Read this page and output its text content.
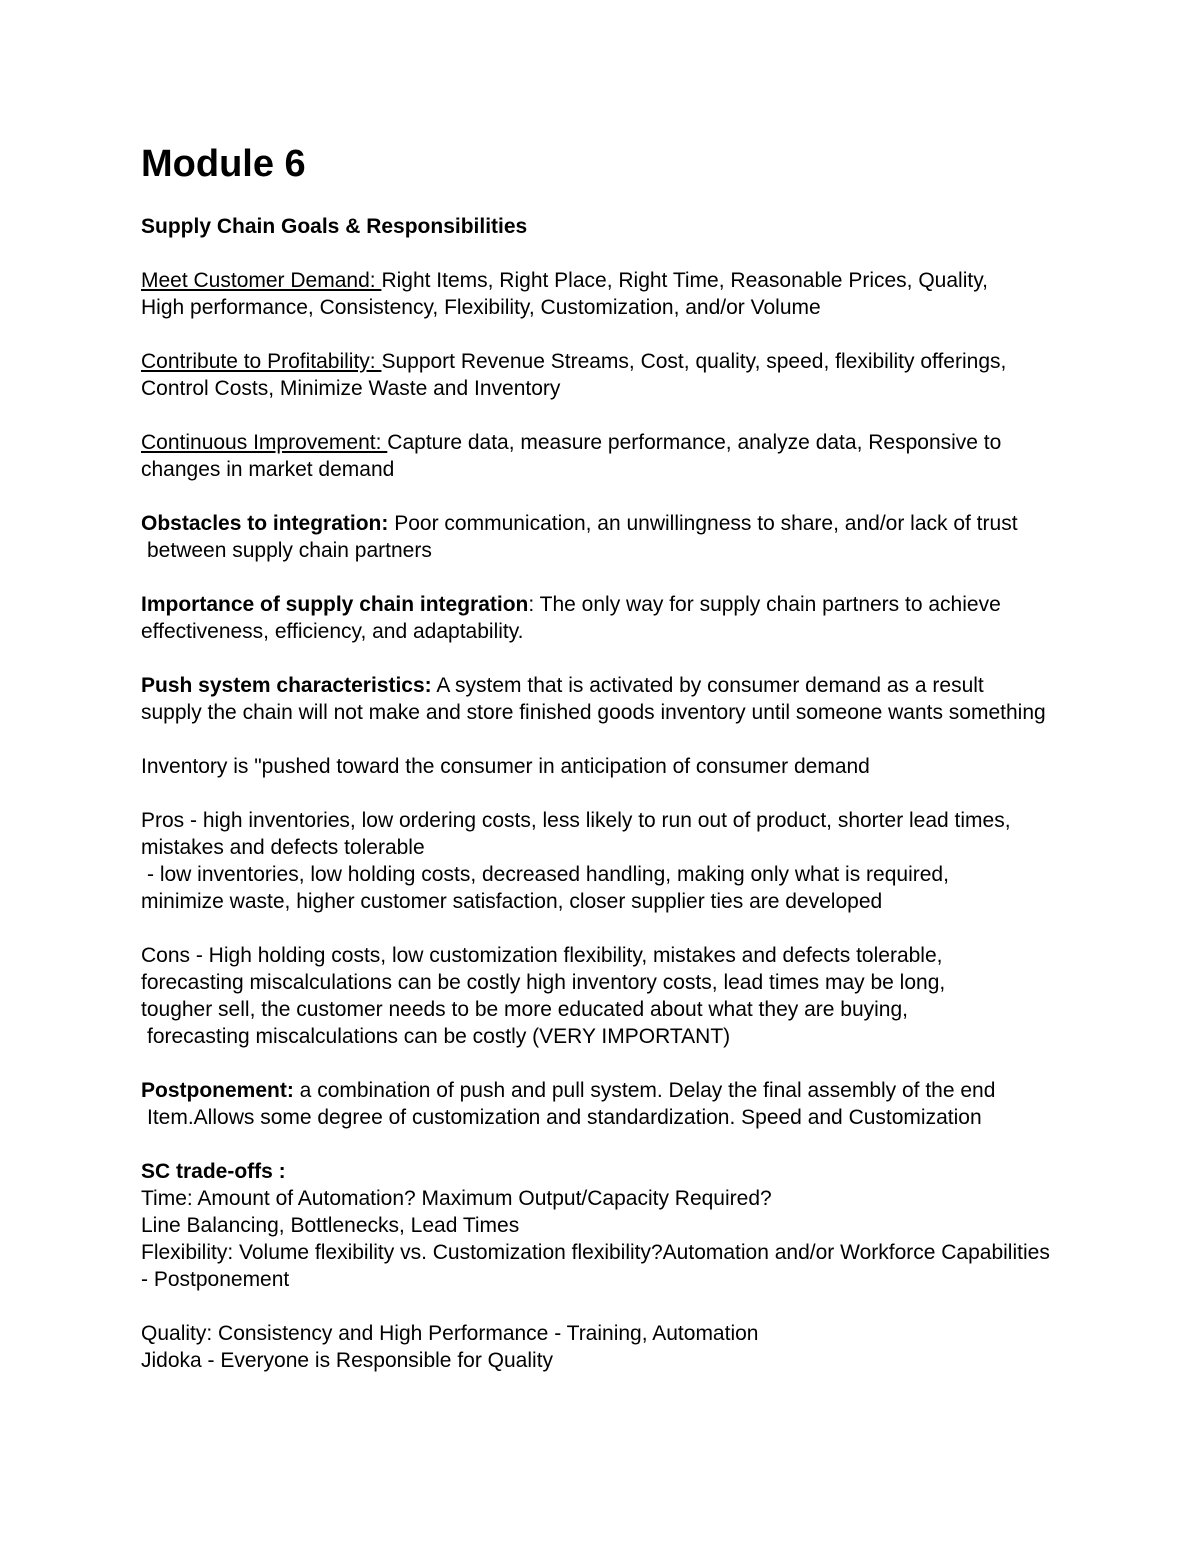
Module 6
Supply Chain Goals & Responsibilities
Meet Customer Demand: Right Items, Right Place, Right Time, Reasonable Prices, Quality,
High performance, Consistency, Flexibility, Customization, and/or Volume
Contribute to Profitability: Support Revenue Streams, Cost, quality, speed, flexibility offerings,
Control Costs, Minimize Waste and Inventory
Continuous Improvement: Capture data, measure performance, analyze data, Responsive to
changes in market demand
Obstacles to integration: Poor communication, an unwillingness to share, and/or lack of trust
between supply chain partners
Importance of supply chain integration: The only way for supply chain partners to achieve
effectiveness, efficiency, and adaptability.
Push system characteristics: A system that is activated by consumer demand as a result
supply the chain will not make and store finished goods inventory until someone wants something
Inventory is "pushed toward the consumer in anticipation of consumer demand
Pros - high inventories, low ordering costs, less likely to run out of product, shorter lead times,
mistakes and defects tolerable
- low inventories, low holding costs, decreased handling, making only what is required,
minimize waste, higher customer satisfaction, closer supplier ties are developed
Cons - High holding costs, low customization flexibility, mistakes and defects tolerable,
forecasting miscalculations can be costly high inventory costs, lead times may be long,
tougher sell, the customer needs to be more educated about what they are buying,
forecasting miscalculations can be costly (VERY IMPORTANT)
Postponement: a combination of push and pull system. Delay the final assembly of the end
Item.Allows some degree of customization and standardization. Speed and Customization
SC trade-offs :
Time: Amount of Automation? Maximum Output/Capacity Required?
Line Balancing, Bottlenecks, Lead Times
Flexibility: Volume flexibility vs. Customization flexibility?Automation and/or Workforce Capabilities
- Postponement
Quality: Consistency and High Performance - Training, Automation
Jidoka - Everyone is Responsible for Quality
